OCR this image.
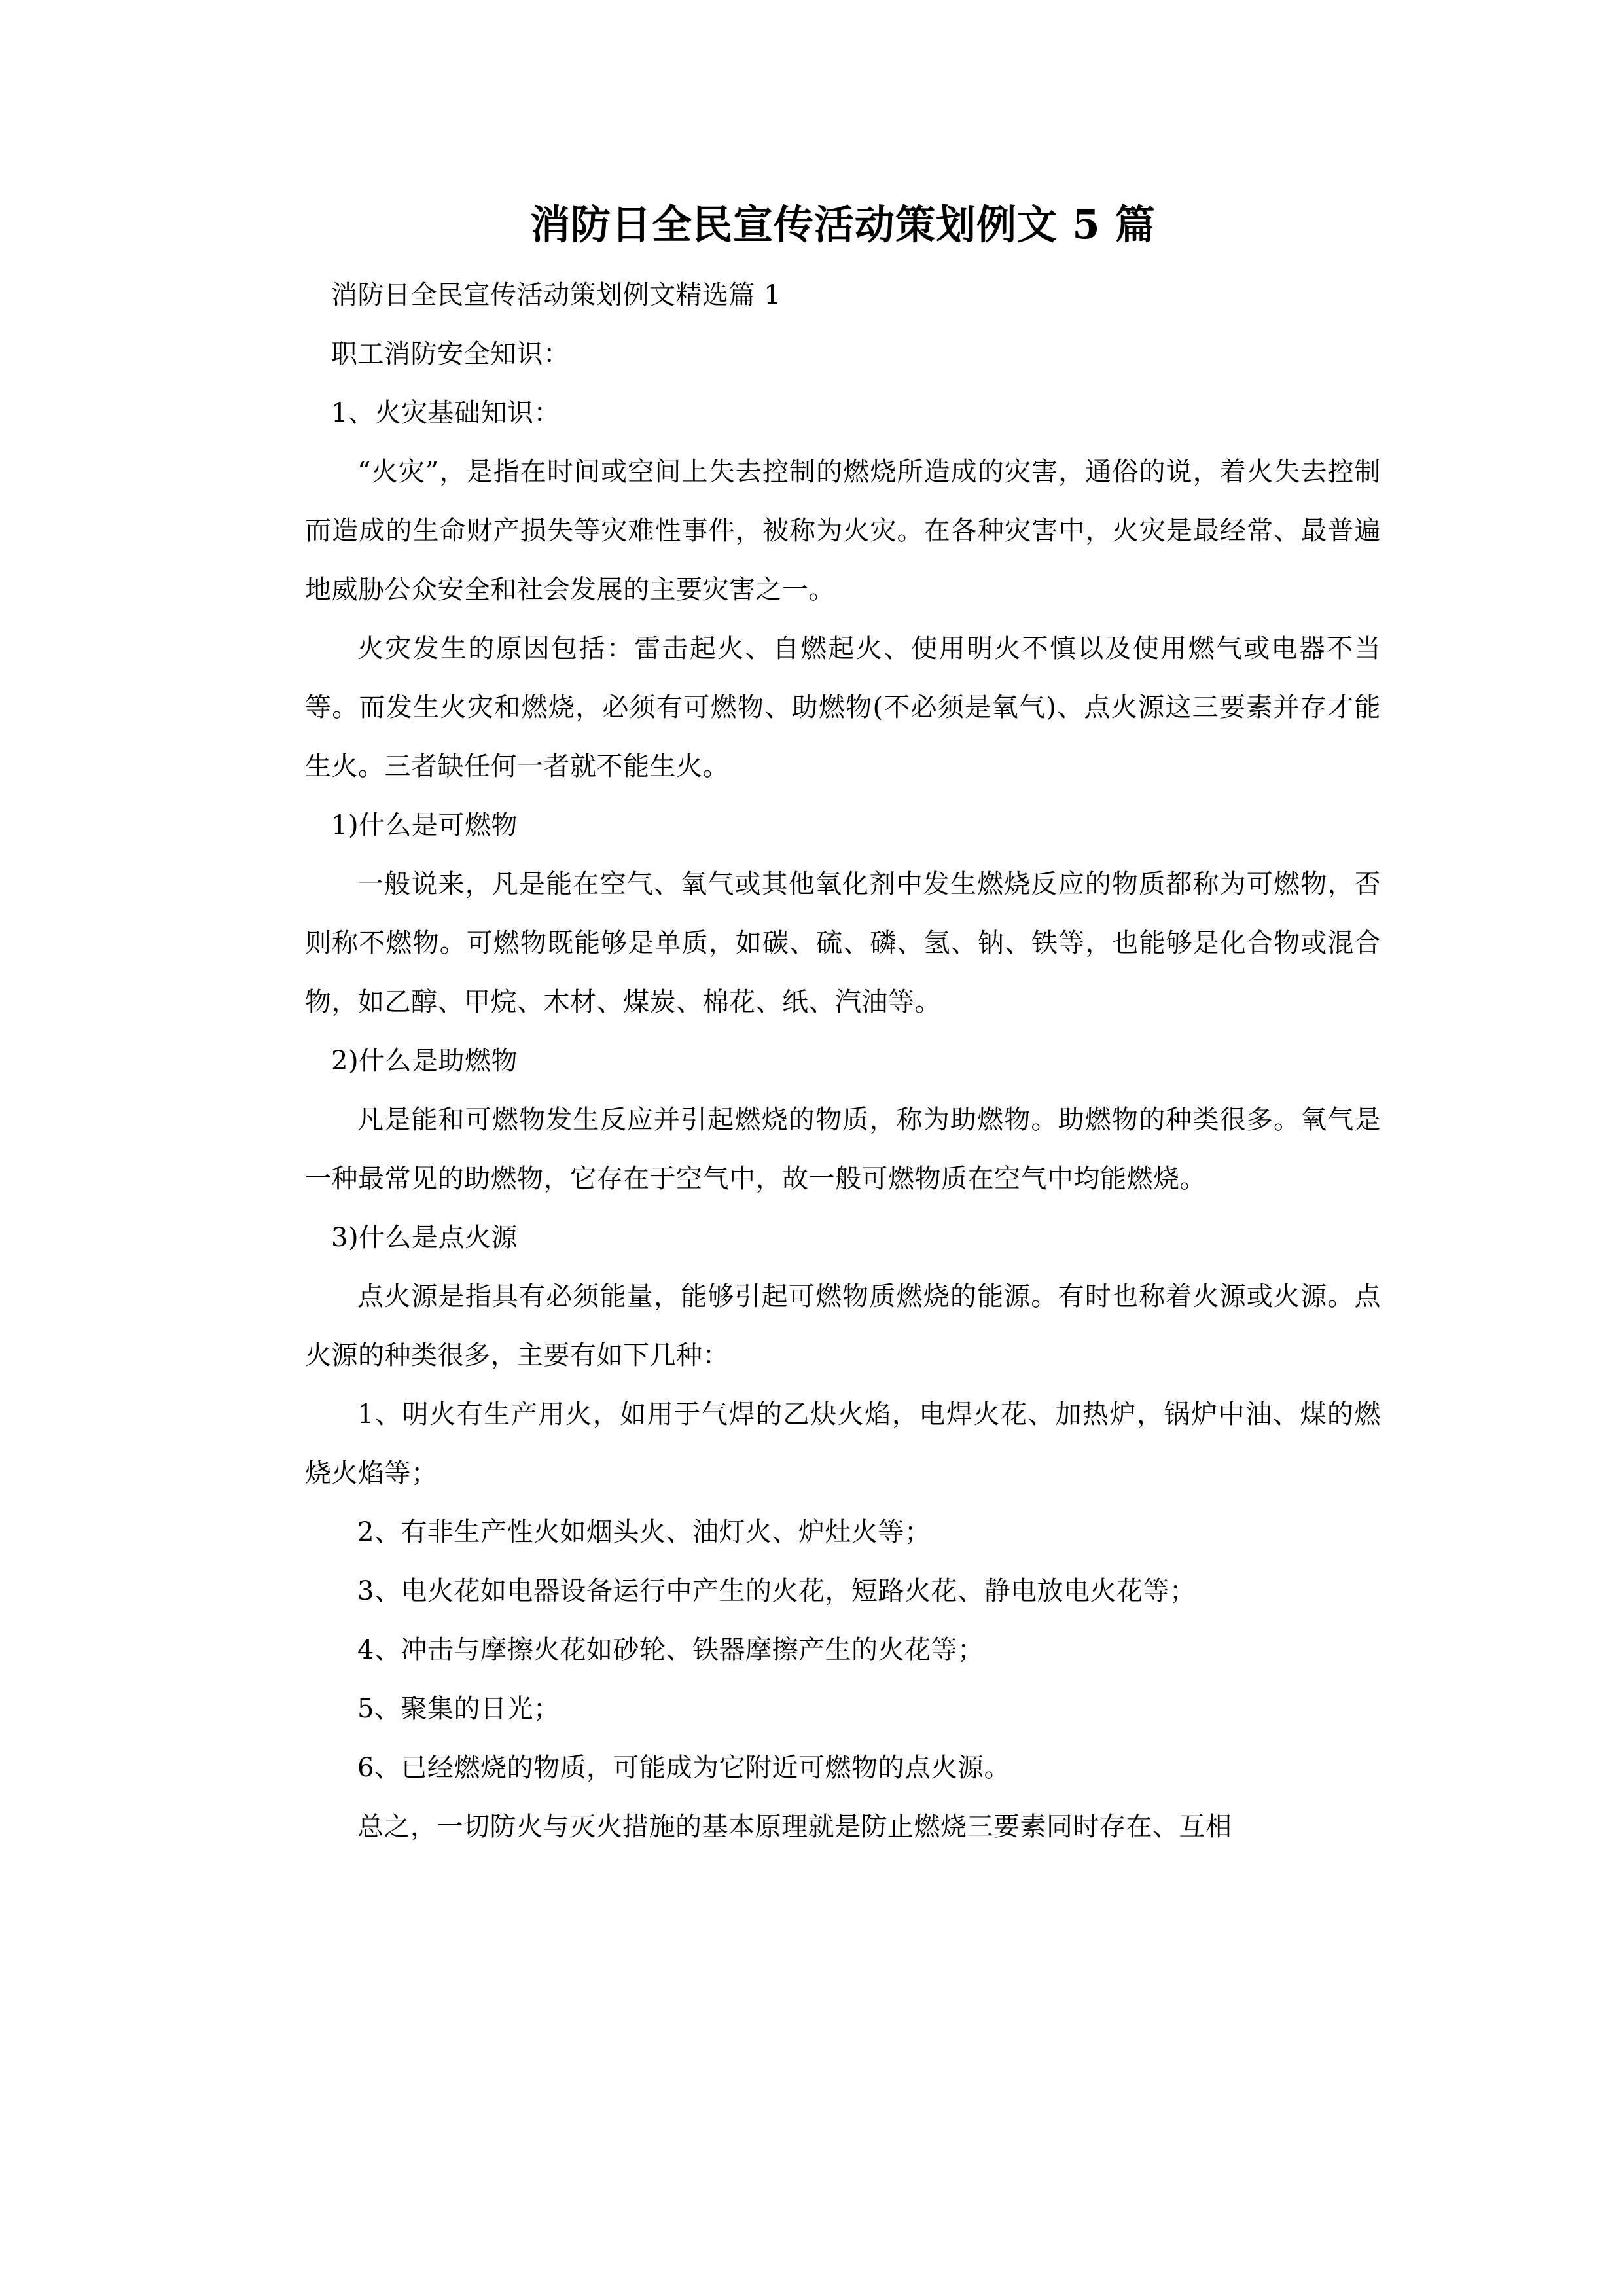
消防日全民宣传活动策划例文 5 篇

消防日全民宣传活动策划例文精选篇 1

职工消防安全知识：

1、火灾基础知识：

“火灾”，是指在时间或空间上失去控制的燃烧所造成的灾害，通俗的说，着火失去控制而造成的生命财产损失等灾难性事件，被称为火灾。在各种灾害中，火灾是最经常、最普遍地威胁公众安全和社会发展的主要灾害之一。

火灾发生的原因包括：雷击起火、自燃起火、使用明火不慎以及使用燃气或电器不当等。而发生火灾和燃烧，必须有可燃物、助燃物(不必须是氧气)、点火源这三要素并存才能生火。三者缺任何一者就不能生火。

1)什么是可燃物

一般说来，凡是能在空气、氧气或其他氧化剂中发生燃烧反应的物质都称为可燃物，否则称不燃物。可燃物既能够是单质，如碳、硫、磷、氢、钠、铁等，也能够是化合物或混合物，如乙醇、甲烷、木材、煤炭、棉花、纸、汽油等。

2)什么是助燃物

凡是能和可燃物发生反应并引起燃烧的物质，称为助燃物。助燃物的种类很多。氧气是一种最常见的助燃物，它存在于空气中，故一般可燃物质在空气中均能燃烧。

3)什么是点火源

点火源是指具有必须能量，能够引起可燃物质燃烧的能源。有时也称着火源或火源。点火源的种类很多，主要有如下几种：

1、明火有生产用火，如用于气焊的乙炔火焰，电焊火花、加热炉，锅炉中油、煤的燃烧火焰等；

2、有非生产性火如烟头火、油灯火、炉灶火等；

3、电火花如电器设备运行中产生的火花，短路火花、静电放电火花等；

4、冲击与摩擦火花如砂轮、铁器摩擦产生的火花等；

5、聚集的日光；

6、已经燃烧的物质，可能成为它附近可燃物的点火源。

总之，一切防火与灭火措施的基本原理就是防止燃烧三要素同时存在、互相
